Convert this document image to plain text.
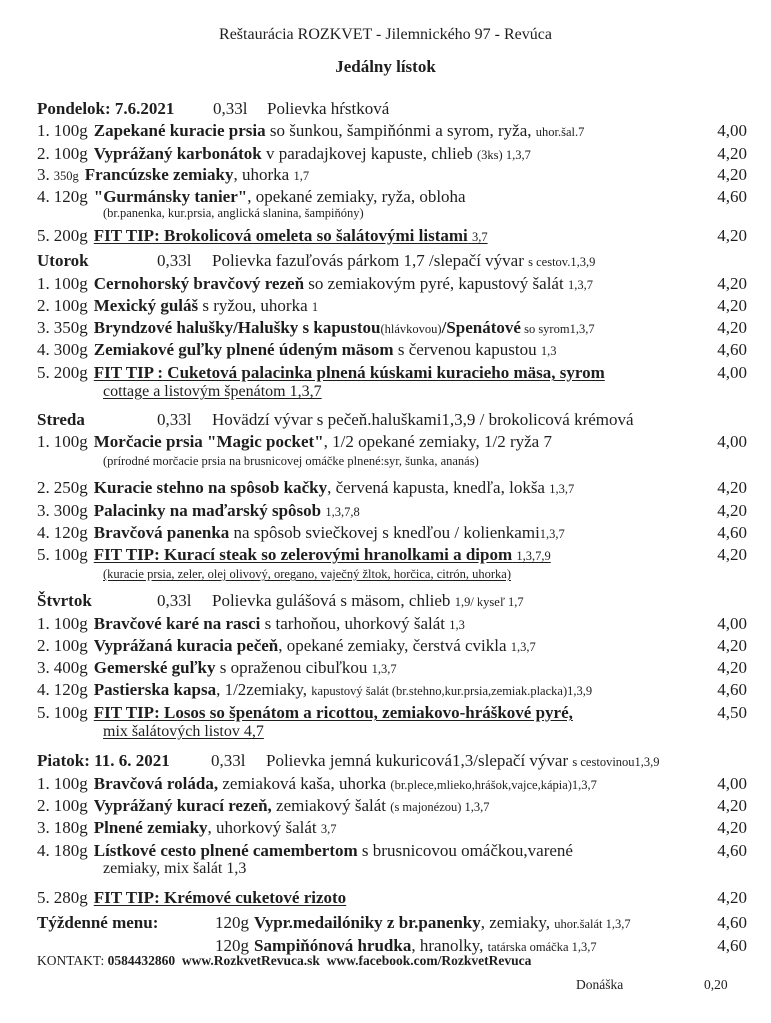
Reštaurácia ROZKVET - Jilemnického 97 - Revúca
Jedálny lístok
Pondelok: 7.6.2021 0,33l Polievka hŕstková
1. 100g Zapekané kuracie prsia so šunkou, šampiňónmi a syrom, ryža, uhor.šal.7	4,00
2. 100g Vyprážaný karbonátok v paradajkovej kapuste, chlieb (3ks) 1,3,7	4,20
3. 350g Francúzske zemiaky, uhorka 1,7	4,20
4. 120g "Gurmánsky tanier", opekané zemiaky, ryža, obloha	4,60
(br.panenka, kur.prsia, anglická slanina, šampiňóny)
5. 200g FIT TIP: Brokolicová omeleta so šalátovými listami 3,7	4,20
Utorok	0,33l Polievka fazuľovás párkom 1,7 /slepačí vývar s cestov.1,3,9
1. 100g Cernohorský bravčový rezeň so zemiakovým pyré, kapustový šalát 1,3,7	4,20
2. 100g Mexický guláš s ryžou, uhorka 1	4,20
3. 350g Bryndzové halušky/Halušky s kapustou(hlávkovou)/Spenátové so syrom1,3,7	4,20
4. 300g Zemiakové guľky plnené údeným mäsom s červenou kapustou 1,3	4,60
5. 200g FIT TIP : Cuketová palacinka plnená kúskami kuracieho mäsa, syrom	4,00
cottage a listovým špenátom 1,3,7
Streda	0,33l Hovädzí vývar s pečeň.haluškami1,3,9 / brokolicová krémová
1. 100g Morčacie prsia "Magic pocket", 1/2 opekané zemiaky, 1/2 ryža 7	4,00
(prírodné morčacie prsia na brusnicovej omáčke plnené:syr, šunka, ananás)
2. 250g Kuracie stehno na spôsob kačky, červená kapusta, knedľa, lokša 1,3,7	4,20
3. 300g Palacinky na maďarský spôsob 1,3,7,8	4,20
4. 120g Bravčová panenka na spôsob sviečkovej s knedľou / kolienkami1,3,7	4,60
5. 100g FIT TIP: Kurací steak so zelerovými hranolkami a dipom 1,3,7,9	4,20
(kuracie prsia, zeler, olej olivový, oregano, vaječný žltok, horčica, citrón, uhorka)
Štvrtok	0,33l Polievka gulášová s mäsom, chlieb 1,9/ kyseľ 1,7
1. 100g Bravčové karé na rasci s tarhoňou, uhorkový šalát 1,3	4,00
2. 100g Vyprážaná kuracia pečeň, opekané zemiaky, čerstvá cvikla 1,3,7	4,20
3. 400g Gemerské guľky s opraženou cibuľkou 1,3,7	4,20
4. 120g Pastierska kapsa, 1/2zemiaky, kapustový šalát (br.stehno,kur.prsia,zemiak.placka)1,3,9	4,60
5. 100g FIT TIP: Losos so špenátom a ricottou, zemiakovo-hráškové pyré,	4,50
mix šalátových listov 4,7
Piatok: 11. 6. 2021 0,33l Polievka jemná kukuricová1,3/slepačí vývar s cestovinou1,3,9
1. 100g Bravčová roláda, zemiaková kaša, uhorka (br.plece,mlieko,hrášok,vajce,kápia)1,3,7	4,00
2. 100g Vyprážaný kurací rezeň, zemiakový šalát (s majonézou) 1,3,7	4,20
3. 180g Plnené zemiaky, uhorkový šalát 3,7	4,20
4. 180g Lístkové cesto plnené camembertom s brusnicovou omáčkou,varené	4,60
zemiaky, mix šalát 1,3
5. 280g FIT TIP: Krémové cuketové rizoto	4,20
Týždenné menu:	120g Vypr.medailóniky z br.panenky, zemiaky, uhor.šalát 1,3,7	4,60
120g Sampiňónová hrudka, hranolky, tatárska omáčka 1,3,7	4,60
KONTAKT: 0584432860 www.RozkvetRevuca.sk www.facebook.com/RozkvetRevuca
Donáška	0,20
